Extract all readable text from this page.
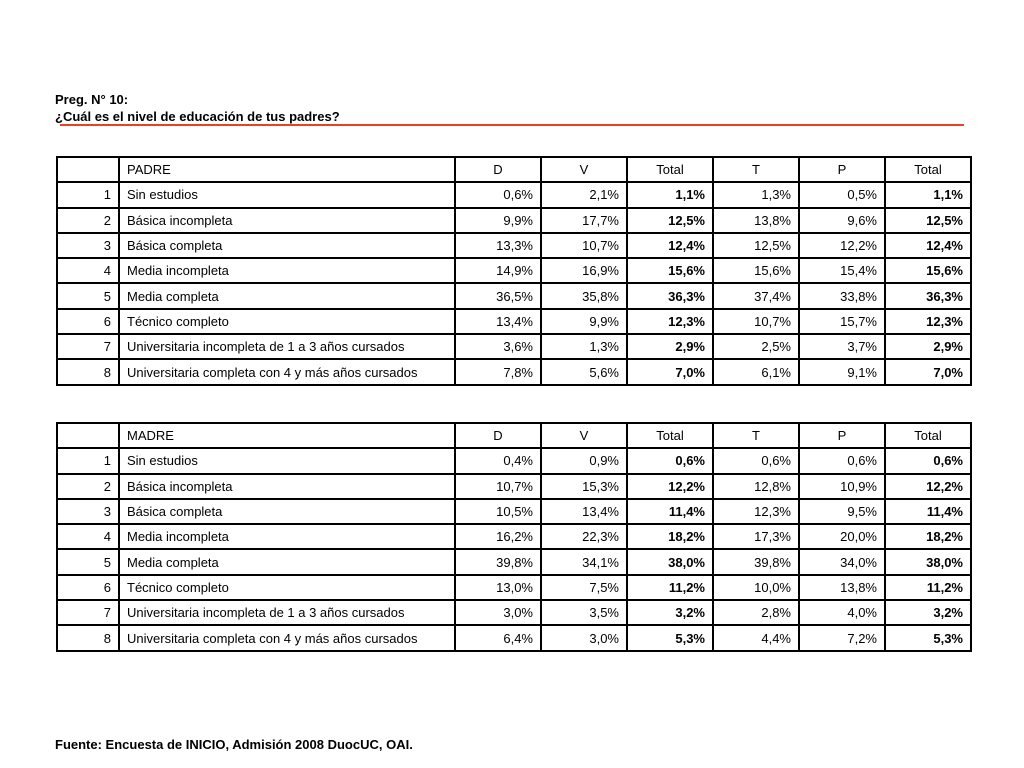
Preg. N° 10:
¿Cuál es el nivel de educación de tus padres?
	PADRE	D	V	Total	T	P	Total
1	Sin estudios	0,6%	2,1%	1,1%	1,3%	0,5%	1,1%
2	Básica incompleta	9,9%	17,7%	12,5%	13,8%	9,6%	12,5%
3	Básica completa	13,3%	10,7%	12,4%	12,5%	12,2%	12,4%
4	Media incompleta	14,9%	16,9%	15,6%	15,6%	15,4%	15,6%
5	Media completa	36,5%	35,8%	36,3%	37,4%	33,8%	36,3%
6	Técnico completo	13,4%	9,9%	12,3%	10,7%	15,7%	12,3%
7	Universitaria incompleta de 1 a 3 años cursados	3,6%	1,3%	2,9%	2,5%	3,7%	2,9%
8	Universitaria completa con 4 y más años cursados	7,8%	5,6%	7,0%	6,1%	9,1%	7,0%
	MADRE	D	V	Total	T	P	Total
1	Sin estudios	0,4%	0,9%	0,6%	0,6%	0,6%	0,6%
2	Básica incompleta	10,7%	15,3%	12,2%	12,8%	10,9%	12,2%
3	Básica completa	10,5%	13,4%	11,4%	12,3%	9,5%	11,4%
4	Media incompleta	16,2%	22,3%	18,2%	17,3%	20,0%	18,2%
5	Media completa	39,8%	34,1%	38,0%	39,8%	34,0%	38,0%
6	Técnico completo	13,0%	7,5%	11,2%	10,0%	13,8%	11,2%
7	Universitaria incompleta de 1 a 3 años cursados	3,0%	3,5%	3,2%	2,8%	4,0%	3,2%
8	Universitaria completa con 4 y más años cursados	6,4%	3,0%	5,3%	4,4%	7,2%	5,3%
Fuente: Encuesta de INICIO, Admisión 2008 DuocUC, OAI.
